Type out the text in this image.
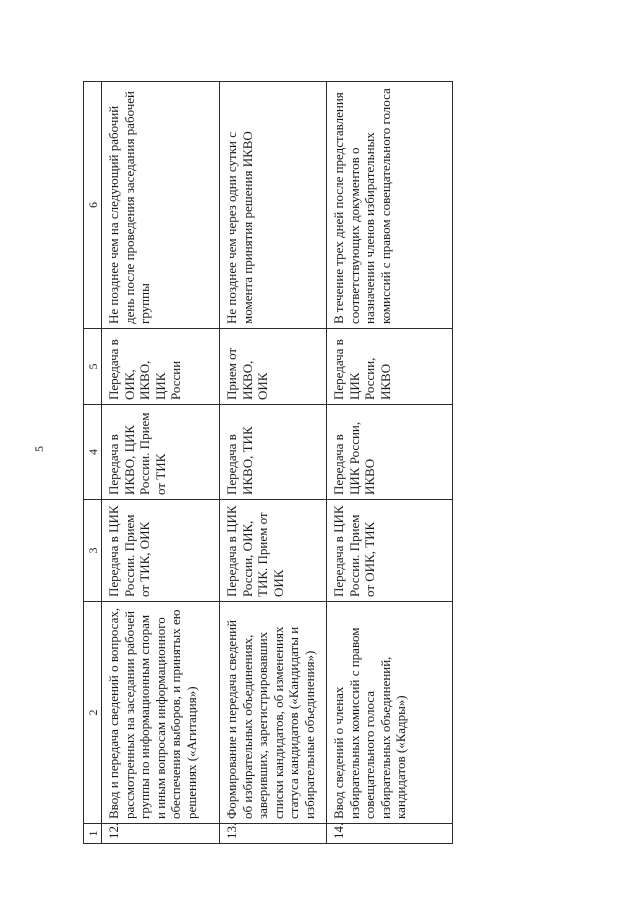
5
1	2	3	4	5	6
12.	Ввод и передача сведений о вопросах, рассмотренных на заседании рабочей группы по информационным спорам и иным вопросам информационного обеспечения выборов, и принятых ею решениях («Агитация»)	Передача в ЦИК России. Прием от ТИК, ОИК	Передача в ИКВО, ЦИК России. Прием от ТИК	Передача в ОИК, ИКВО, ЦИК России	Не позднее чем на следующий рабочий день после проведения заседания рабочей группы
13.	Формирование и передача сведений об избирательных объединениях, заверивших, зарегистрировавших списки кандидатов, об изменениях статуса кандидатов («Кандидаты и избирательные объединения»)	Передача в ЦИК России, ОИК, ТИК. Прием от ОИК	Передача в ИКВО, ТИК	Прием от ИКВО, ОИК	Не позднее чем через одни сутки с момента принятия решения ИКВО
14.	Ввод сведений о членах избирательных комиссий с правом совещательного голоса избирательных объединений, кандидатов («Кадры»)	Передача в ЦИК России. Прием от ОИК, ТИК	Передача в ЦИК России, ИКВО	Передача в ЦИК России, ИКВО	В течение трех дней после представления соответствующих документов о назначении членов избирательных комиссий с правом совещательного голоса
